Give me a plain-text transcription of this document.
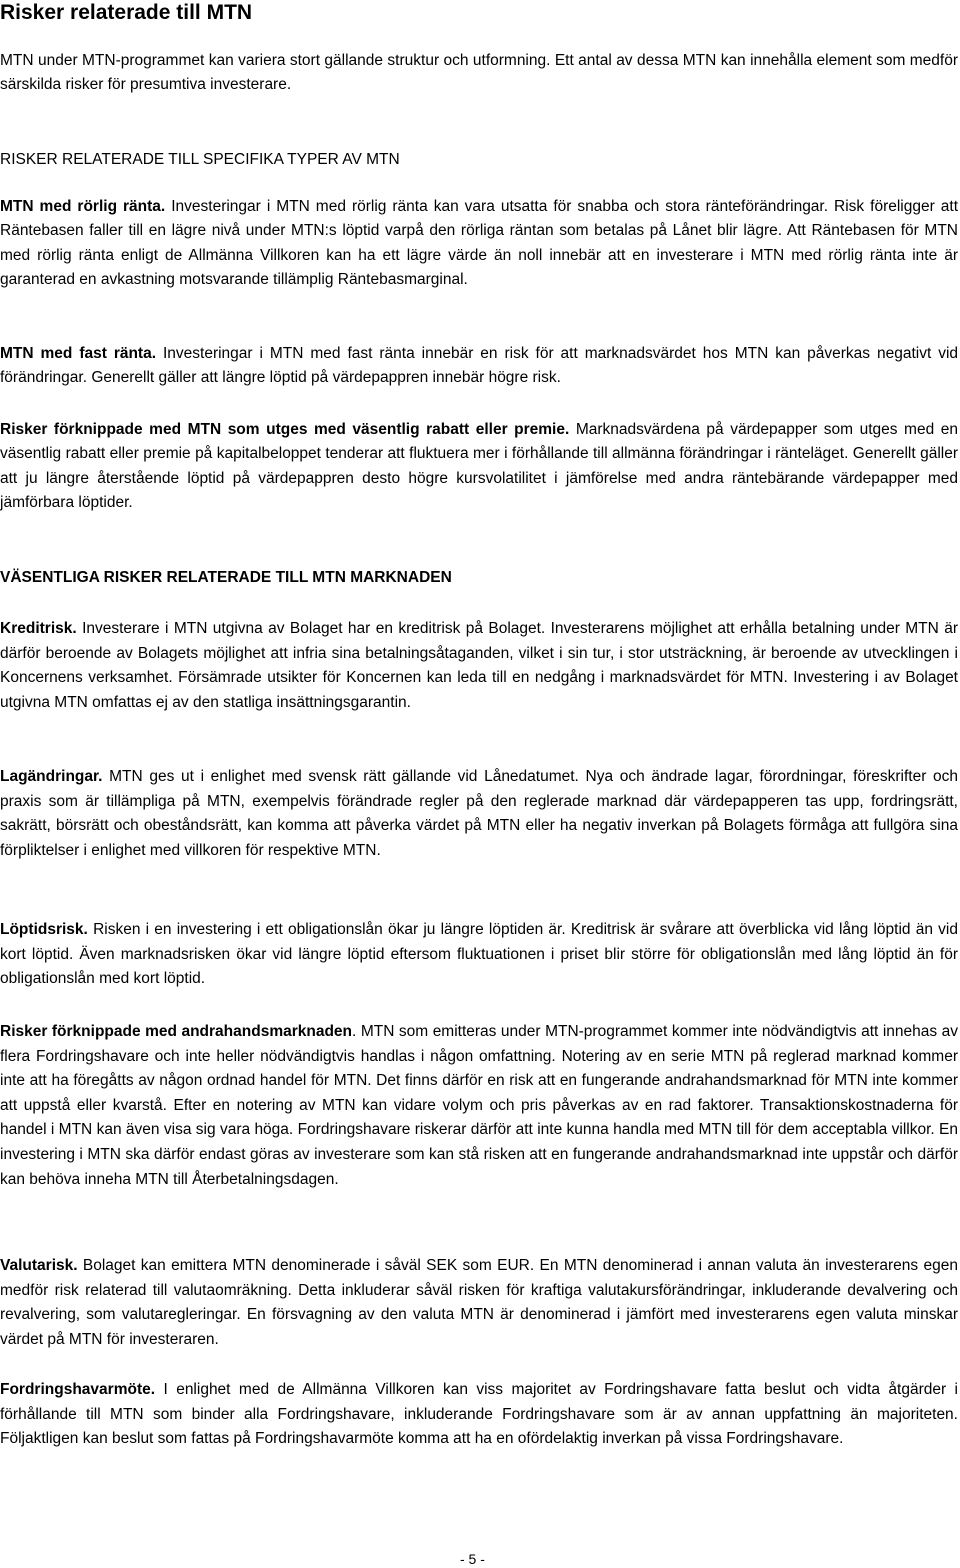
Risker relaterade till MTN

MTN under MTN-programmet kan variera stort gällande struktur och utformning. Ett antal av dessa MTN kan innehålla element som medför särskilda risker för presumtiva investerare.

RISKER RELATERADE TILL SPECIFIKA TYPER AV MTN

MTN med rörlig ränta. Investeringar i MTN med rörlig ränta kan vara utsatta för snabba och stora ränteförändringar. Risk föreligger att Räntebasen faller till en lägre nivå under MTN:s löptid varpå den rörliga räntan som betalas på Lånet blir lägre. Att Räntebasen för MTN med rörlig ränta enligt de Allmänna Villkoren kan ha ett lägre värde än noll innebär att en investerare i MTN med rörlig ränta inte är garanterad en avkastning motsvarande tillämplig Räntebasmarginal.

MTN med fast ränta. Investeringar i MTN med fast ränta innebär en risk för att marknadsvärdet hos MTN kan påverkas negativt vid förändringar. Generellt gäller att längre löptid på värdepappren innebär högre risk.

Risker förknippade med MTN som utges med väsentlig rabatt eller premie. Marknadsvärdena på värdepapper som utges med en väsentlig rabatt eller premie på kapitalbeloppet tenderar att fluktuera mer i förhållande till allmänna förändringar i ränteläget. Generellt gäller att ju längre återstående löptid på värdepappren desto högre kursvolatilitet i jämförelse med andra räntebärande värdepapper med jämförbara löptider.

VÄSENTLIGA RISKER RELATERADE TILL MTN MARKNADEN

Kreditrisk. Investerare i MTN utgivna av Bolaget har en kreditrisk på Bolaget. Investerarens möjlighet att erhålla betalning under MTN är därför beroende av Bolagets möjlighet att infria sina betalningsåtaganden, vilket i sin tur, i stor utsträckning, är beroende av utvecklingen i Koncernens verksamhet. Försämrade utsikter för Koncernen kan leda till en nedgång i marknadsvärdet för MTN. Investering i av Bolaget utgivna MTN omfattas ej av den statliga insättningsgarantin.

Lagändringar. MTN ges ut i enlighet med svensk rätt gällande vid Lånedatumet. Nya och ändrade lagar, förordningar, föreskrifter och praxis som är tillämpliga på MTN, exempelvis förändrade regler på den reglerade marknad där värdepapperen tas upp, fordringsrätt, sakrätt, börsrätt och obeståndsrätt, kan komma att påverka värdet på MTN eller ha negativ inverkan på Bolagets förmåga att fullgöra sina förpliktelser i enlighet med villkoren för respektive MTN.

Löptidsrisk. Risken i en investering i ett obligationslån ökar ju längre löptiden är. Kreditrisk är svårare att överblicka vid lång löptid än vid kort löptid. Även marknadsrisken ökar vid längre löptid eftersom fluktuationen i priset blir större för obligationslån med lång löptid än för obligationslån med kort löptid.

Risker förknippade med andrahandsmarknaden. MTN som emitteras under MTN-programmet kommer inte nödvändigtvis att innehas av flera Fordringshavare och inte heller nödvändigtvis handlas i någon omfattning. Notering av en serie MTN på reglerad marknad kommer inte att ha föregåtts av någon ordnad handel för MTN. Det finns därför en risk att en fungerande andrahandsmarknad för MTN inte kommer att uppstå eller kvarstå. Efter en notering av MTN kan vidare volym och pris påverkas av en rad faktorer. Transaktionskostnaderna för handel i MTN kan även visa sig vara höga. Fordringshavare riskerar därför att inte kunna handla med MTN till för dem acceptabla villkor. En investering i MTN ska därför endast göras av investerare som kan stå risken att en fungerande andrahandsmarknad inte uppstår och därför kan behöva inneha MTN till Återbetalningsdagen.

Valutarisk. Bolaget kan emittera MTN denominerade i såväl SEK som EUR. En MTN denominerad i annan valuta än investerarens egen medför risk relaterad till valutaomräkning. Detta inkluderar såväl risken för kraftiga valutakursförändringar, inkluderande devalvering och revalvering, som valutaregleringar. En försvagning av den valuta MTN är denominerad i jämfört med investerarens egen valuta minskar värdet på MTN för investeraren.

Fordringshavarmöte. I enlighet med de Allmänna Villkoren kan viss majoritet av Fordringshavare fatta beslut och vidta åtgärder i förhållande till MTN som binder alla Fordringshavare, inkluderande Fordringshavare som är av annan uppfattning än majoriteten. Följaktligen kan beslut som fattas på Fordringshavarmöte komma att ha en ofördelaktig inverkan på vissa Fordringshavare.

- 5 -
